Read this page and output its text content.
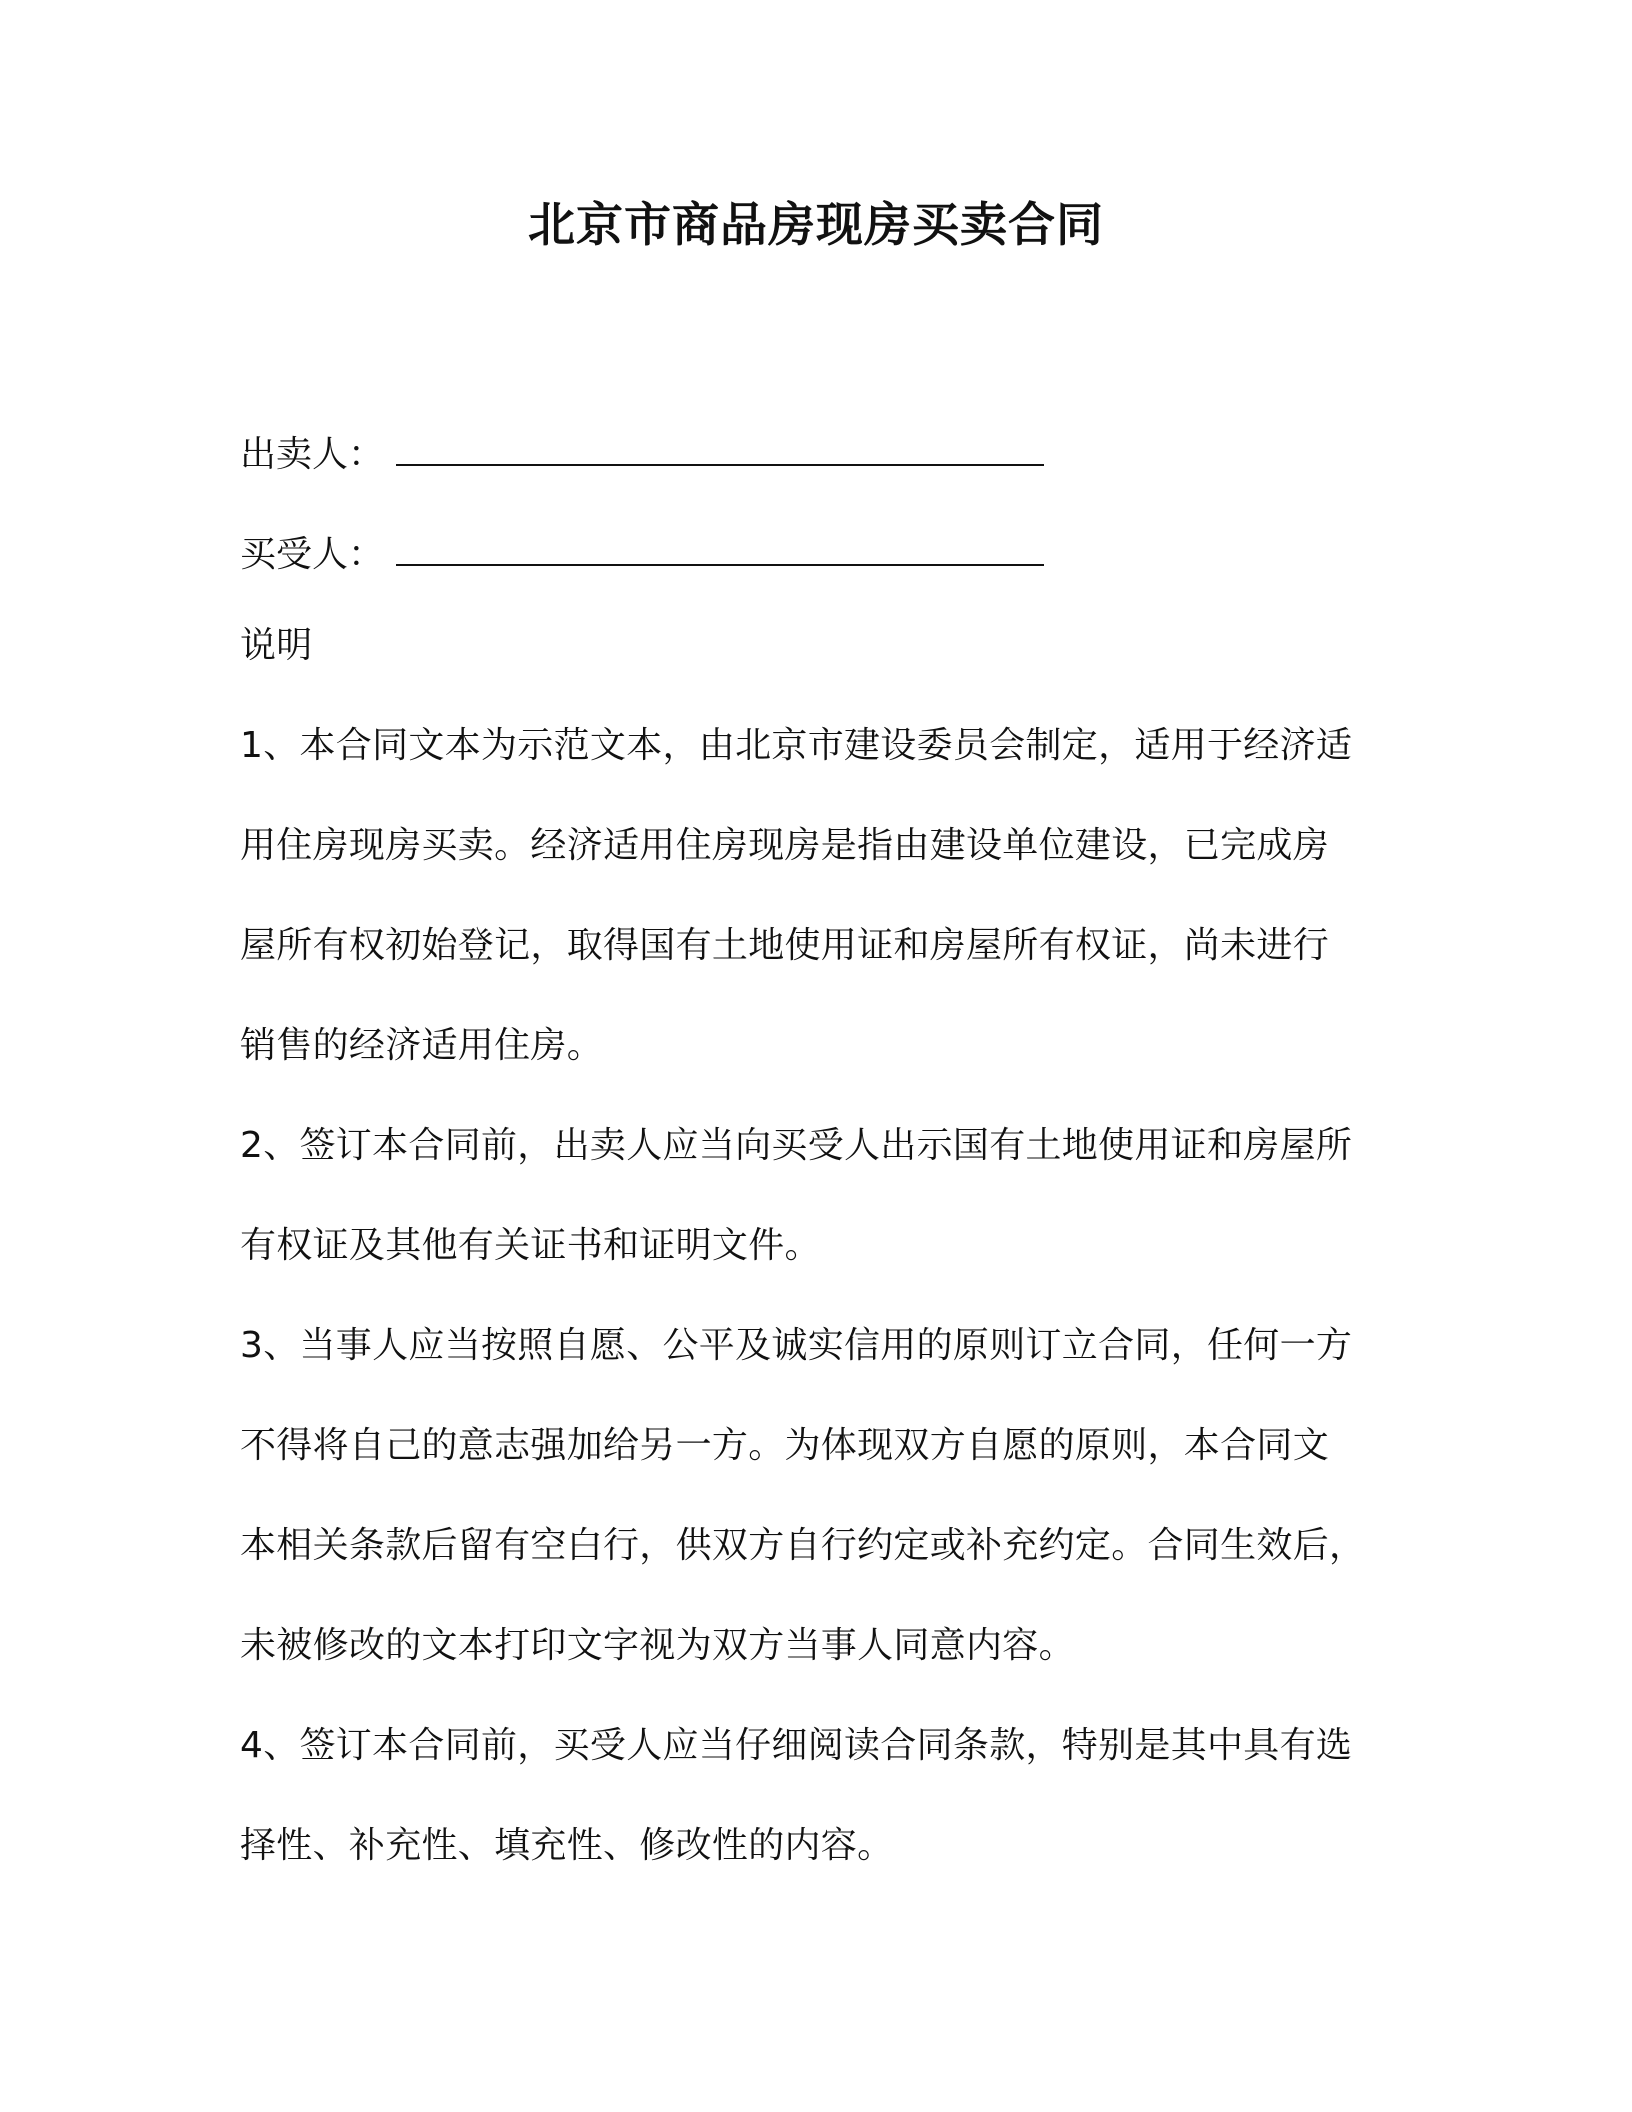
北京市商品房现房买卖合同
出卖人：
买受人：
说明
1、本合同文本为示范文本，由北京市建设委员会制定，适用于经济适
用住房现房买卖。经济适用住房现房是指由建设单位建设，已完成房
屋所有权初始登记，取得国有土地使用证和房屋所有权证，尚未进行
销售的经济适用住房。
2、签订本合同前，出卖人应当向买受人出示国有土地使用证和房屋所
有权证及其他有关证书和证明文件。
3、当事人应当按照自愿、公平及诚实信用的原则订立合同，任何一方
不得将自己的意志强加给另一方。为体现双方自愿的原则，本合同文
本相关条款后留有空白行，供双方自行约定或补充约定。合同生效后，
未被修改的文本打印文字视为双方当事人同意内容。
4、签订本合同前，买受人应当仔细阅读合同条款，特别是其中具有选
择性、补充性、填充性、修改性的内容。
